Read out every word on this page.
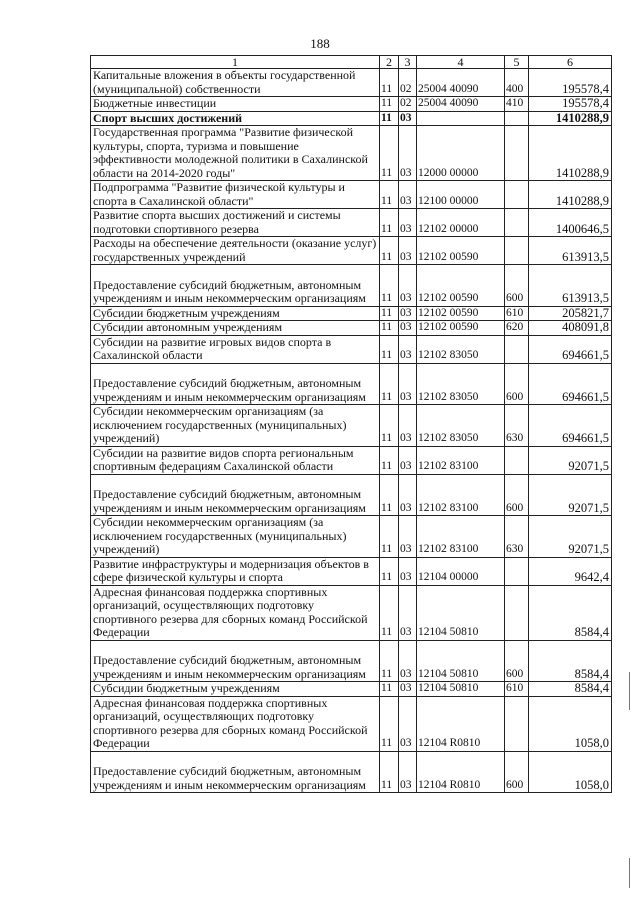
188
1	2	3	4	5	6
Капитальные вложения в объекты государственной (муниципальной) собственности	11	02	25004 40090	400	195578,4
Бюджетные инвестиции	11	02	25004 40090	410	195578,4
Спорт высших достижений	11	03			1410288,9
Государственная программа "Развитие физической культуры, спорта, туризма и повышение эффективности молодежной политики в Сахалинской области на 2014-2020 годы"	11	03	12000 00000		1410288,9
Подпрограмма "Развитие физической культуры и спорта в Сахалинской области"	11	03	12100 00000		1410288,9
Развитие спорта высших достижений и системы подготовки спортивного резерва	11	03	12102 00000		1400646,5
Расходы на обеспечение деятельности (оказание услуг) государственных учреждений	11	03	12102 00590		613913,5
Предоставление субсидий бюджетным, автономным учреждениям и иным некоммерческим организациям	11	03	12102 00590	600	613913,5
Субсидии бюджетным учреждениям	11	03	12102 00590	610	205821,7
Субсидии автономным учреждениям	11	03	12102 00590	620	408091,8
Субсидии на развитие игровых видов спорта в Сахалинской области	11	03	12102 83050		694661,5
Предоставление субсидий бюджетным, автономным учреждениям и иным некоммерческим организациям	11	03	12102 83050	600	694661,5
Субсидии некоммерческим организациям (за исключением государственных (муниципальных) учреждений)	11	03	12102 83050	630	694661,5
Субсидии на развитие видов спорта региональным спортивным федерациям Сахалинской области	11	03	12102 83100		92071,5
Предоставление субсидий бюджетным, автономным учреждениям и иным некоммерческим организациям	11	03	12102 83100	600	92071,5
Субсидии некоммерческим организациям (за исключением государственных (муниципальных) учреждений)	11	03	12102 83100	630	92071,5
Развитие инфраструктуры и модернизация объектов в сфере физической культуры и спорта	11	03	12104 00000		9642,4
Адресная финансовая поддержка спортивных организаций, осуществляющих подготовку спортивного резерва для сборных команд Российской Федерации	11	03	12104 50810		8584,4
Предоставление субсидий бюджетным, автономным учреждениям и иным некоммерческим организациям	11	03	12104 50810	600	8584,4
Субсидии бюджетным учреждениям	11	03	12104 50810	610	8584,4
Адресная финансовая поддержка спортивных организаций, осуществляющих подготовку спортивного резерва для сборных команд Российской Федерации	11	03	12104 R0810		1058,0
Предоставление субсидий бюджетным, автономным учреждениям и иным некоммерческим организациям	11	03	12104 R0810	600	1058,0
